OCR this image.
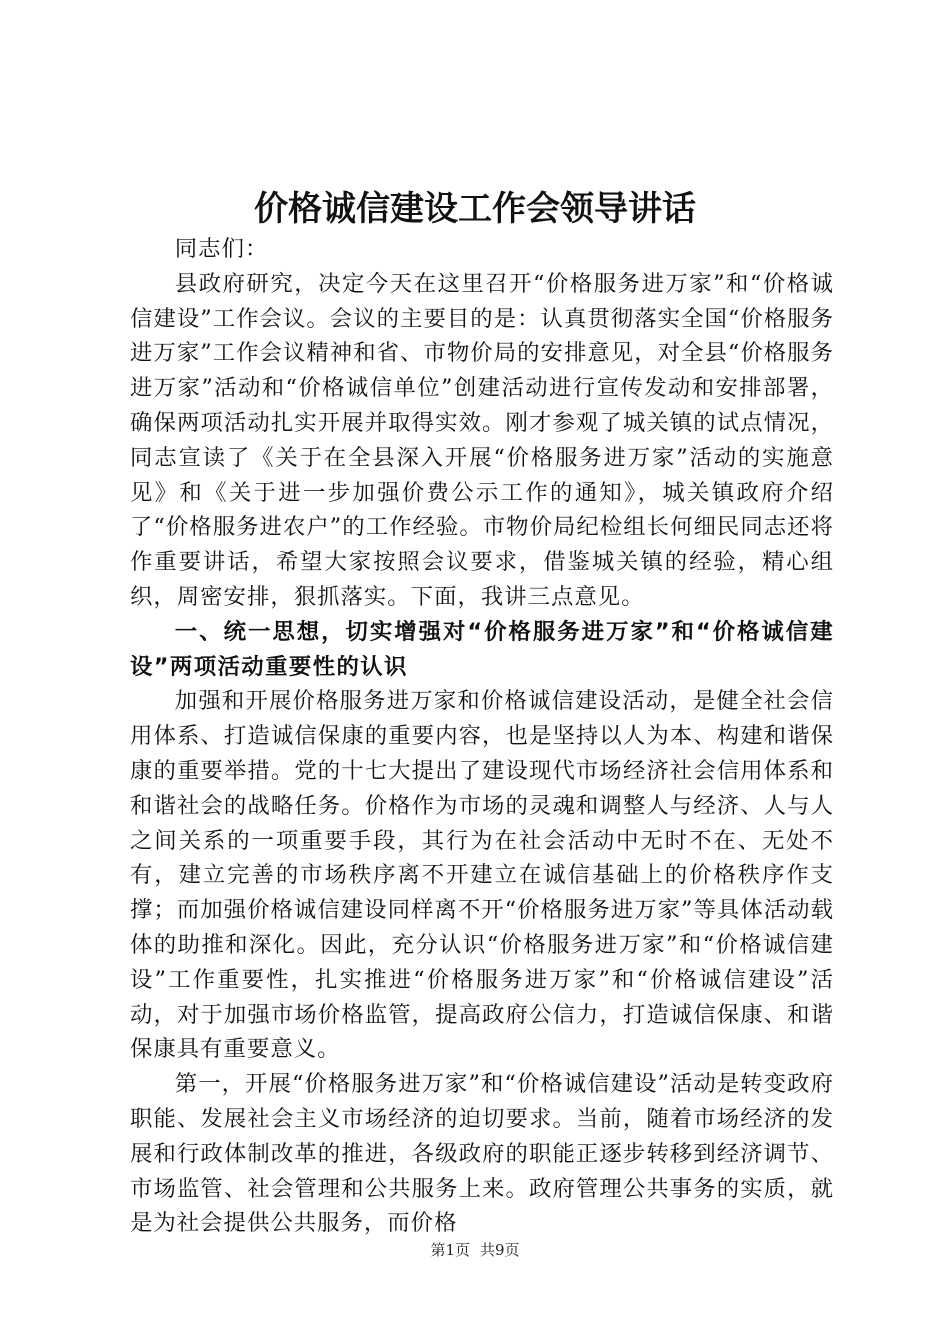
价格诚信建设工作会领导讲话

同志们：

县政府研究，决定今天在这里召开“价格服务进万家”和“价格诚信建设”工作会议。会议的主要目的是：认真贯彻落实全国“价格服务进万家”工作会议精神和省、市物价局的安排意见，对全县“价格服务进万家”活动和“价格诚信单位”创建活动进行宣传发动和安排部署，确保两项活动扎实开展并取得实效。刚才参观了城关镇的试点情况，同志宣读了《关于在全县深入开展“价格服务进万家”活动的实施意见》和《关于进一步加强价费公示工作的通知》，城关镇政府介绍了“价格服务进农户”的工作经验。市物价局纪检组长何细民同志还将作重要讲话，希望大家按照会议要求，借鉴城关镇的经验，精心组织，周密安排，狠抓落实。下面，我讲三点意见。

一、统一思想，切实增强对“价格服务进万家”和“价格诚信建设”两项活动重要性的认识

加强和开展价格服务进万家和价格诚信建设活动，是健全社会信用体系、打造诚信保康的重要内容，也是坚持以人为本、构建和谐保康的重要举措。党的十七大提出了建设现代市场经济社会信用体系和和谐社会的战略任务。价格作为市场的灵魂和调整人与经济、人与人之间关系的一项重要手段，其行为在社会活动中无时不在、无处不有，建立完善的市场秩序离不开建立在诚信基础上的价格秩序作支撑；而加强价格诚信建设同样离不开“价格服务进万家”等具体活动载体的助推和深化。因此，充分认识“价格服务进万家”和“价格诚信建设”工作重要性，扎实推进“价格服务进万家”和“价格诚信建设”活动，对于加强市场价格监管，提高政府公信力，打造诚信保康、和谐保康具有重要意义。

第一，开展“价格服务进万家”和“价格诚信建设”活动是转变政府职能、发展社会主义市场经济的迫切要求。当前，随着市场经济的发展和行政体制改革的推进，各级政府的职能正逐步转移到经济调节、市场监管、社会管理和公共服务上来。政府管理公共事务的实质，就是为社会提供公共服务，而价格

第1页 共9页
